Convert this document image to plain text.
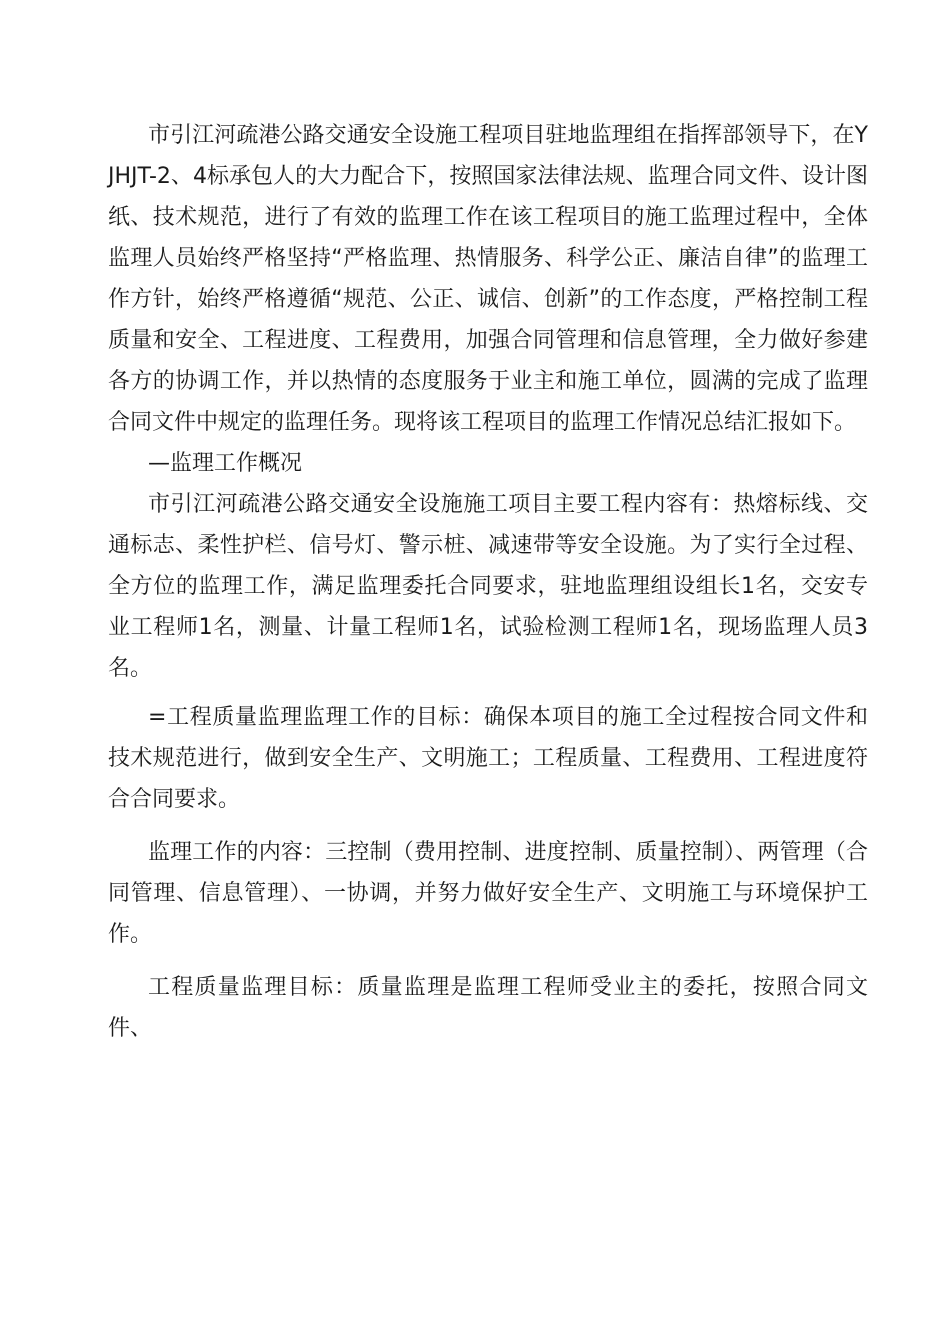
市引江河疏港公路交通安全设施工程项目驻地监理组在指挥部领导下，在YJHJT-2、4标承包人的大力配合下，按照国家法律法规、监理合同文件、设计图纸、技术规范，进行了有效的监理工作在该工程项目的施工监理过程中，全体监理人员始终严格坚持“严格监理、热情服务、科学公正、廉洁自律”的监理工作方针，始终严格遵循“规范、公正、诚信、创新”的工作态度，严格控制工程质量和安全、工程进度、工程费用，加强合同管理和信息管理，全力做好参建各方的协调工作，并以热情的态度服务于业主和施工单位，圆满的完成了监理合同文件中规定的监理任务。现将该工程项目的监理工作情况总结汇报如下。

—监理工作概况

市引江河疏港公路交通安全设施施工项目主要工程内容有：热熔标线、交通标志、柔性护栏、信号灯、警示桩、减速带等安全设施。为了实行全过程、全方位的监理工作，满足监理委托合同要求，驻地监理组设组长1名，交安专业工程师1名，测量、计量工程师1名，试验检测工程师1名，现场监理人员3名。

=工程质量监理监理工作的目标：确保本项目的施工全过程按合同文件和技术规范进行，做到安全生产、文明施工；工程质量、工程费用、工程进度符合合同要求。

监理工作的内容：三控制（费用控制、进度控制、质量控制）、两管理（合同管理、信息管理）、一协调，并努力做好安全生产、文明施工与环境保护工作。

工程质量监理目标：质量监理是监理工程师受业主的委托，按照合同文件、
